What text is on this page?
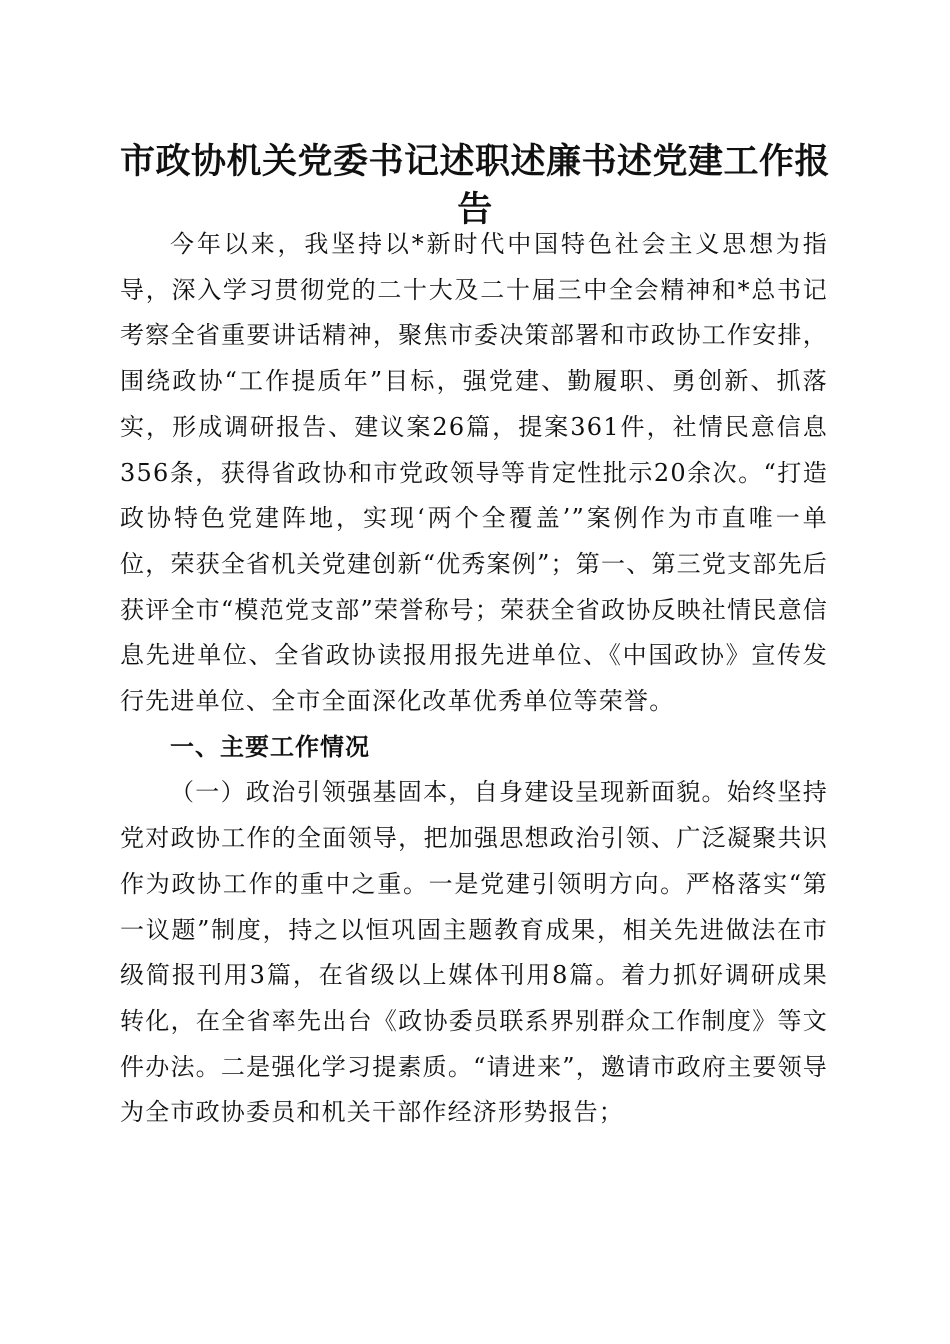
市政协机关党委书记述职述廉书述党建工作报告

今年以来，我坚持以*新时代中国特色社会主义思想为指导，深入学习贯彻党的二十大及二十届三中全会精神和*总书记考察全省重要讲话精神，聚焦市委决策部署和市政协工作安排，围绕政协“工作提质年”目标，强党建、勤履职、勇创新、抓落实，形成调研报告、建议案26篇，提案361件，社情民意信息356条，获得省政协和市党政领导等肯定性批示20余次。“打造政协特色党建阵地，实现‘两个全覆盖’”案例作为市直唯一单位，荣获全省机关党建创新“优秀案例”；第一、第三党支部先后获评全市“模范党支部”荣誉称号；荣获全省政协反映社情民意信息先进单位、全省政协读报用报先进单位、《中国政协》宣传发行先进单位、全市全面深化改革优秀单位等荣誉。

一、主要工作情况

（一）政治引领强基固本，自身建设呈现新面貌。始终坚持党对政协工作的全面领导，把加强思想政治引领、广泛凝聚共识作为政协工作的重中之重。一是党建引领明方向。严格落实“第一议题”制度，持之以恒巩固主题教育成果，相关先进做法在市级简报刊用3篇，在省级以上媒体刊用8篇。着力抓好调研成果转化，在全省率先出台《政协委员联系界别群众工作制度》等文件办法。二是强化学习提素质。“请进来”，邀请市政府主要领导为全市政协委员和机关干部作经济形势报告；
